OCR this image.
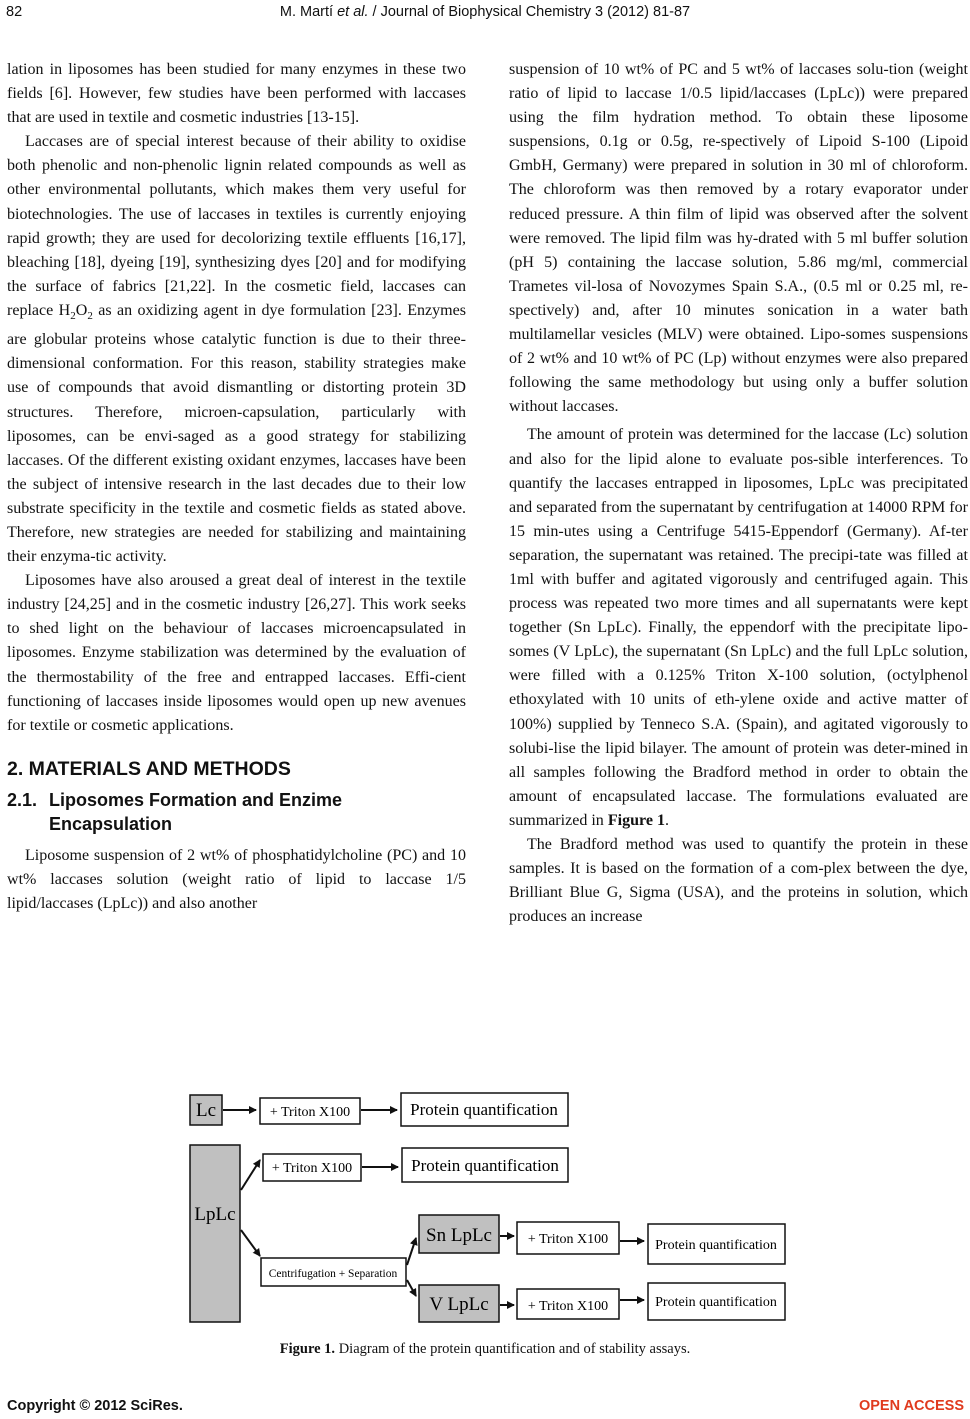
82	M. Martí et al. / Journal of Biophysical Chemistry 3 (2012) 81-87

lation in liposomes has been studied for many enzymes in these two fields [6]. However, few studies have been performed with laccases that are used in textile and cosmetic industries [13-15].

Laccases are of special interest because of their ability to oxidise both phenolic and non-phenolic lignin related compounds as well as other environmental pollutants, which makes them very useful for biotechnologies. The use of laccases in textiles is currently enjoying rapid growth; they are used for decolorizing textile effluents [16,17], bleaching [18], dyeing [19], synthesizing dyes [20] and for modifying the surface of fabrics [21,22]. In the cosmetic field, laccases can replace $H_2O_2$ as an oxidizing agent in dye formulation [23]. Enzymes are globular proteins whose catalytic function is due to their three-dimensional conformation. For this reason, stability strategies make use of compounds that avoid dismantling or distorting protein 3D structures. Therefore, microen-capsulation, particularly with liposomes, can be envi-saged as a good strategy for stabilizing laccases. Of the different existing oxidant enzymes, laccases have been the subject of intensive research in the last decades due to their low substrate specificity in the textile and cosmetic fields as stated above. Therefore, new strategies are needed for stabilizing and maintaining their enzyma-tic activity.

Liposomes have also aroused a great deal of interest in the textile industry [24,25] and in the cosmetic industry [26,27]. This work seeks to shed light on the behaviour of laccases microencapsulated in liposomes. Enzyme stabilization was determined by the evaluation of the thermostability of the free and entrapped laccases. Effi-cient functioning of laccases inside liposomes would open up new avenues for textile or cosmetic applications.

2. MATERIALS AND METHODS
2.1. Liposomes Formation and Enzime Encapsulation

Liposome suspension of 2 wt% of phosphatidylcholine (PC) and 10 wt% laccases solution (weight ratio of lipid to laccase 1/5 lipid/laccases (LpLc)) and also another

suspension of 10 wt% of PC and 5 wt% of laccases solu-tion (weight ratio of lipid to laccase 1/0.5 lipid/laccases (LpLc)) were prepared using the film hydration method. To obtain these liposome suspensions, 0.1g or 0.5g, re-spectively of Lipoid S-100 (Lipoid GmbH, Germany) were prepared in solution in 30 ml of chloroform. The chloroform was then removed by a rotary evaporator under reduced pressure. A thin film of lipid was observed after the solvent were removed. The lipid film was hy-drated with 5 ml buffer solution (pH 5) containing the laccase solution, 5.86 mg/ml, commercial Trametes vil-losa of Novozymes Spain S.A., (0.5 ml or 0.25 ml, re-spectively) and, after 10 minutes sonication in a water bath multilamellar vesicles (MLV) were obtained. Lipo-somes suspensions of 2 wt% and 10 wt% of PC (Lp) without enzymes were also prepared following the same methodology but using only a buffer solution without laccases.

The amount of protein was determined for the laccase (Lc) solution and also for the lipid alone to evaluate pos-sible interferences. To quantify the laccases entrapped in liposomes, LpLc was precipitated and separated from the supernatant by centrifugation at 14000 RPM for 15 min-utes using a Centrifuge 5415-Eppendorf (Germany). Af-ter separation, the supernatant was retained. The precipi-tate was filled at 1ml with buffer and agitated vigorously and centrifuged again. This process was repeated two more times and all supernatants were kept together (Sn LpLc). Finally, the eppendorf with the precipitate lipo-somes (V LpLc), the supernatant (Sn LpLc) and the full LpLc solution, were filled with a 0.125% Triton X-100 solution, (octylphenol ethoxylated with 10 units of eth-ylene oxide and active matter of 100%) supplied by Tenneco S.A. (Spain), and agitated vigorously to solubi-lise the lipid bilayer. The amount of protein was deter-mined in all samples following the Bradford method in order to obtain the amount of encapsulated laccase. The formulations evaluated are summarized in Figure 1.

The Bradford method was used to quantify the protein in these samples. It is based on the formation of a com-plex between the dye, Brilliant Blue G, Sigma (USA), and the proteins in solution, which produces an increase

Lc	+ Triton X100	Protein quantification
LpLc
+ Triton X100	Protein quantification
Centrifugation + Separation
Sn LpLc	+ Triton X100	Protein quantification
V LpLc	+ Triton X100	Protein quantification
Figure 1. Diagram of the protein quantification and of stability assays.
Copyright © 2012 SciRes.	OPEN ACCESS
